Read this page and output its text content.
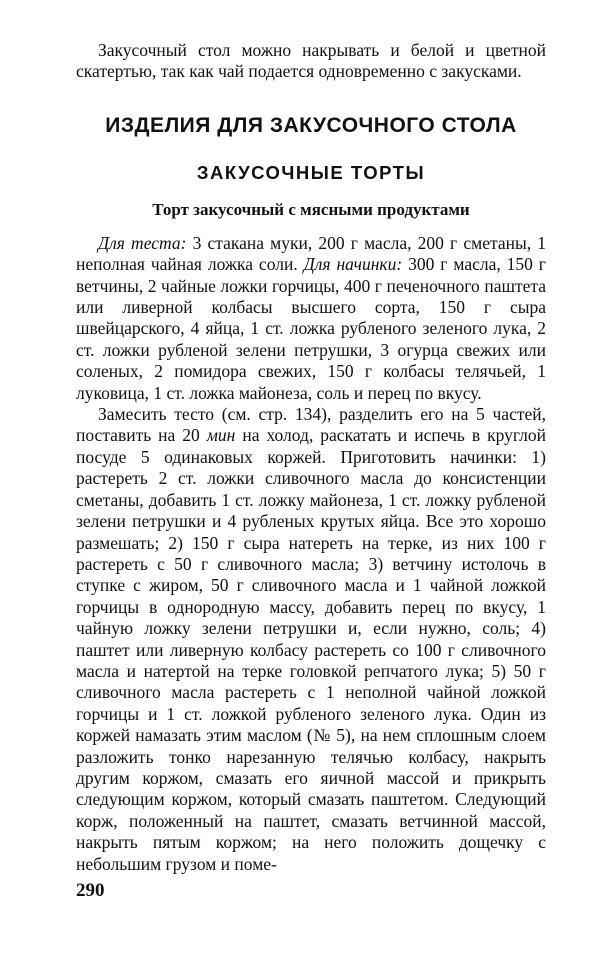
Закусочный стол можно накрывать и белой и цветной скатертью, так как чай подается одновременно с закусками.

ИЗДЕЛИЯ ДЛЯ ЗАКУСОЧНОГО СТОЛА
ЗАКУСОЧНЫЕ ТОРТЫ
Торт закусочный с мясными продуктами

Для теста: 3 стакана муки, 200 г масла, 200 г сметаны, 1 неполная чайная ложка соли. Для начинки: 300 г масла, 150 г ветчины, 2 чайные ложки горчицы, 400 г печеночного паштета или ливерной колбасы высшего сорта, 150 г сыра швейцарского, 4 яйца, 1 ст. ложка рубленого зеленого лука, 2 ст. ложки рубленой зелени петрушки, 3 огурца свежих или соленых, 2 помидора свежих, 150 г колбасы телячьей, 1 луковица, 1 ст. ложка майонеза, соль и перец по вкусу.

Замесить тесто (см. стр. 134), разделить его на 5 частей, поставить на 20 мин на холод, раскатать и испечь в круглой посуде 5 одинаковых коржей. Приготовить начинки: 1) растереть 2 ст. ложки сливочного масла до консистенции сметаны, добавить 1 ст. ложку майонеза, 1 ст. ложку рубленой зелени петрушки и 4 рубленых крутых яйца. Все это хорошо размешать; 2) 150 г сыра натереть на терке, из них 100 г растереть с 50 г сливочного масла; 3) ветчину истолочь в ступке с жиром, 50 г сливочного масла и 1 чайной ложкой горчицы в однородную массу, добавить перец по вкусу, 1 чайную ложку зелени петрушки и, если нужно, соль; 4) паштет или ливерную колбасу растереть со 100 г сливочного масла и натертой на терке головкой репчатого лука; 5) 50 г сливочного масла растереть с 1 неполной чайной ложкой горчицы и 1 ст. ложкой рубленого зеленого лука. Один из коржей намазать этим маслом (№ 5), на нем сплошным слоем разложить тонко нарезанную телячью колбасу, накрыть другим коржом, смазать его яичной массой и прикрыть следующим коржом, который смазать паштетом. Следующий корж, положенный на паштет, смазать ветчинной массой, накрыть пятым коржом; на него положить дощечку с небольшим грузом и поме-

290
